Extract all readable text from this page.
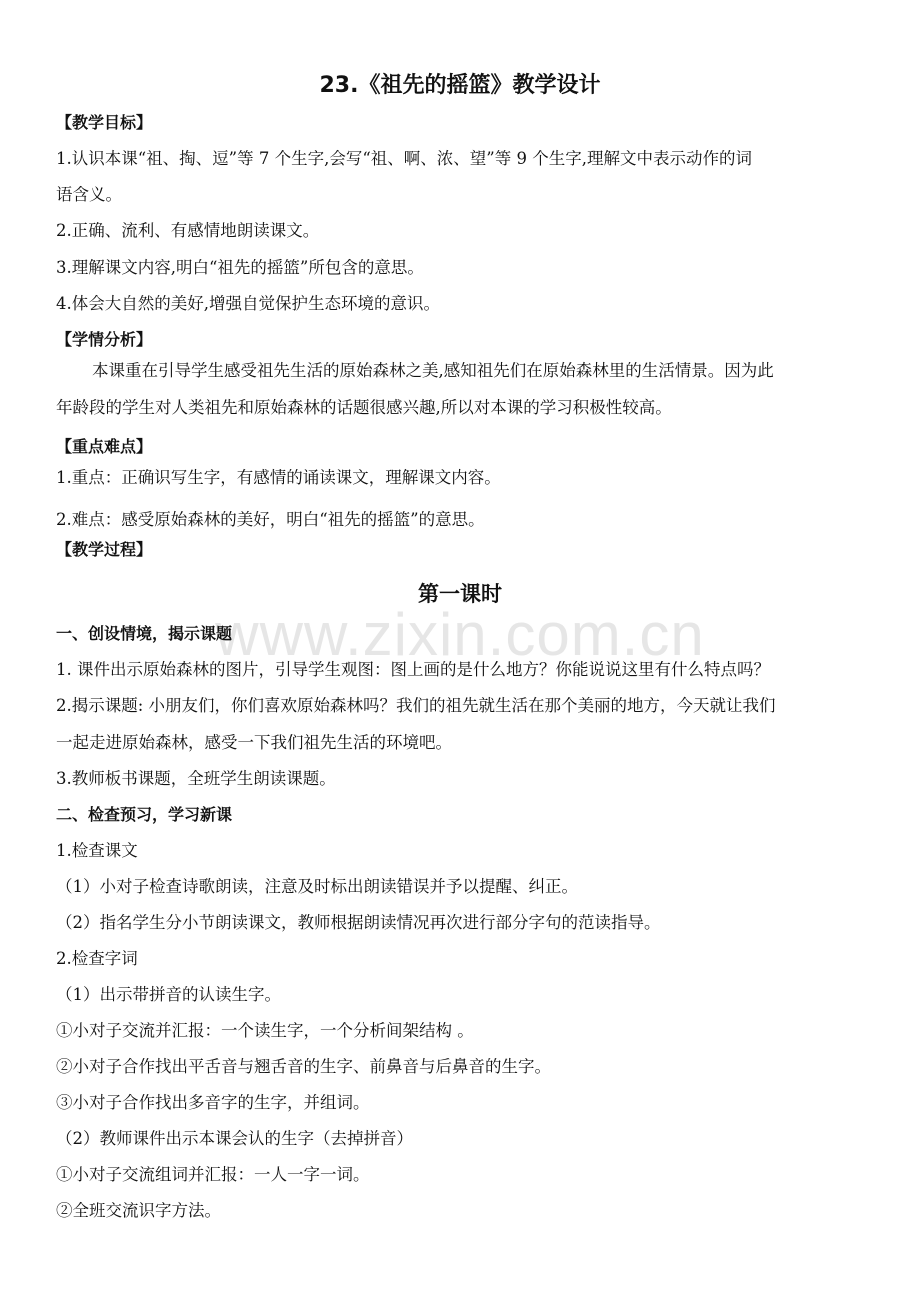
www.zixin.com.cn
23.《祖先的摇篮》教学设计
【教学目标】
1.认识本课“祖、掏、逗”等 7 个生字,会写“祖、啊、浓、望”等 9 个生字,理解文中表示动作的词
语含义。
2.正确、流利、有感情地朗读课文。
3.理解课文内容,明白“祖先的摇篮”所包含的意思。
4.体会大自然的美好,增强自觉保护生态环境的意识。
【学情分析】
本课重在引导学生感受祖先生活的原始森林之美,感知祖先们在原始森林里的生活情景。因为此
年龄段的学生对人类祖先和原始森林的话题很感兴趣,所以对本课的学习积极性较高。
【重点难点】
1.重点：正确识写生字，有感情的诵读课文，理解课文内容。
2.难点：感受原始森林的美好，明白“祖先的摇篮”的意思。
【教学过程】
第一课时
一、创设情境，揭示课题
1. 课件出示原始森林的图片，引导学生观图：图上画的是什么地方？你能说说这里有什么特点吗？
2.揭示课题: 小朋友们，你们喜欢原始森林吗？我们的祖先就生活在那个美丽的地方，今天就让我们
一起走进原始森林，感受一下我们祖先生活的环境吧。
3.教师板书课题，全班学生朗读课题。
二、检查预习，学习新课
1.检查课文
（1）小对子检查诗歌朗读，注意及时标出朗读错误并予以提醒、纠正。
（2）指名学生分小节朗读课文，教师根据朗读情况再次进行部分字句的范读指导。
2.检查字词
（1）出示带拼音的认读生字。
①小对子交流并汇报：一个读生字，一个分析间架结构 。
②小对子合作找出平舌音与翘舌音的生字、前鼻音与后鼻音的生字。
③小对子合作找出多音字的生字，并组词。
（2）教师课件出示本课会认的生字（去掉拼音）
①小对子交流组词并汇报：一人一字一词。
②全班交流识字方法。
